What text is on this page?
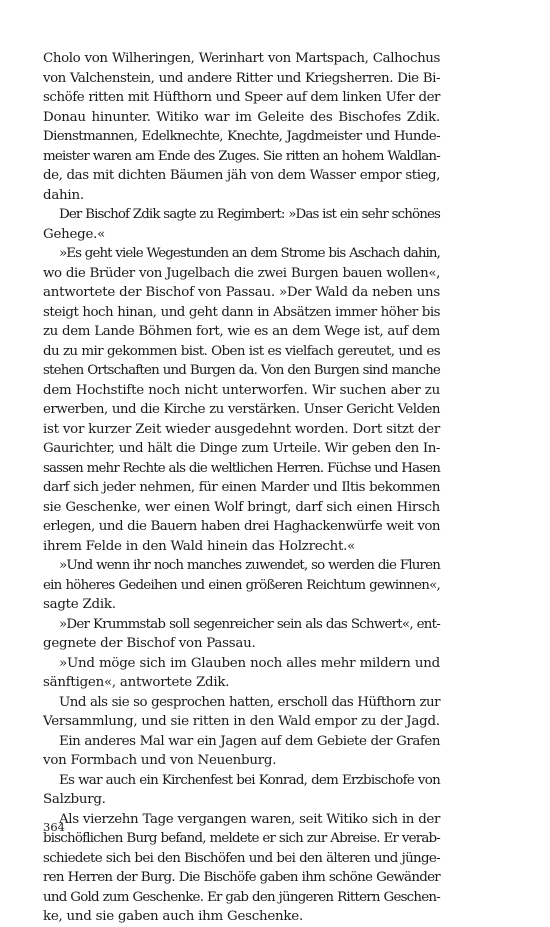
Cholo von Wilheringen, Werinhart von Martspach, Calhochus
von Valchenstein, und andere Ritter und Kriegsherren. Die Bi-
schöfe ritten mit Hüfthorn und Speer auf dem linken Ufer der
Donau hinunter. Witiko war im Geleite des Bischofes Zdik.
Dienstmannen, Edelknechte, Knechte, Jagdmeister und Hunde-
meister waren am Ende des Zuges. Sie ritten an hohem Waldlan-
de, das mit dichten Bäumen jäh von dem Wasser empor stieg,
dahin.
Der Bischof Zdik sagte zu Regimbert: »Das ist ein sehr schönes
Gehege.«
»Es geht viele Wegestunden an dem Strome bis Aschach dahin,
wo die Brüder von Jugelbach die zwei Burgen bauen wollen«,
antwortete der Bischof von Passau. »Der Wald da neben uns
steigt hoch hinan, und geht dann in Absätzen immer höher bis
zu dem Lande Böhmen fort, wie es an dem Wege ist, auf dem
du zu mir gekommen bist. Oben ist es vielfach gereutet, und es
stehen Ortschaften und Burgen da. Von den Burgen sind manche
dem Hochstifte noch nicht unterworfen. Wir suchen aber zu
erwerben, und die Kirche zu verstärken. Unser Gericht Velden
ist vor kurzer Zeit wieder ausgedehnt worden. Dort sitzt der
Gaurichter, und hält die Dinge zum Urteile. Wir geben den In-
sassen mehr Rechte als die weltlichen Herren. Füchse und Hasen
darf sich jeder nehmen, für einen Marder und Iltis bekommen
sie Geschenke, wer einen Wolf bringt, darf sich einen Hirsch
erlegen, und die Bauern haben drei Haghackenwürfe weit von
ihrem Felde in den Wald hinein das Holzrecht.«
»Und wenn ihr noch manches zuwendet, so werden die Fluren
ein höheres Gedeihen und einen größeren Reichtum gewinnen«,
sagte Zdik.
»Der Krummstab soll segenreicher sein als das Schwert«, ent-
gegnete der Bischof von Passau.
»Und möge sich im Glauben noch alles mehr mildern und
sänftigen«, antwortete Zdik.
Und als sie so gesprochen hatten, erscholl das Hüfthorn zur
Versammlung, und sie ritten in den Wald empor zu der Jagd.
Ein anderes Mal war ein Jagen auf dem Gebiete der Grafen
von Formbach und von Neuenburg.
Es war auch ein Kirchenfest bei Konrad, dem Erzbischofe von
Salzburg.
Als vierzehn Tage vergangen waren, seit Witiko sich in der
bischöflichen Burg befand, meldete er sich zur Abreise. Er verab-
schiedete sich bei den Bischöfen und bei den älteren und jünge-
ren Herren der Burg. Die Bischöfe gaben ihm schöne Gewänder
und Gold zum Geschenke. Er gab den jüngeren Rittern Geschen-
ke, und sie gaben auch ihm Geschenke.
364
